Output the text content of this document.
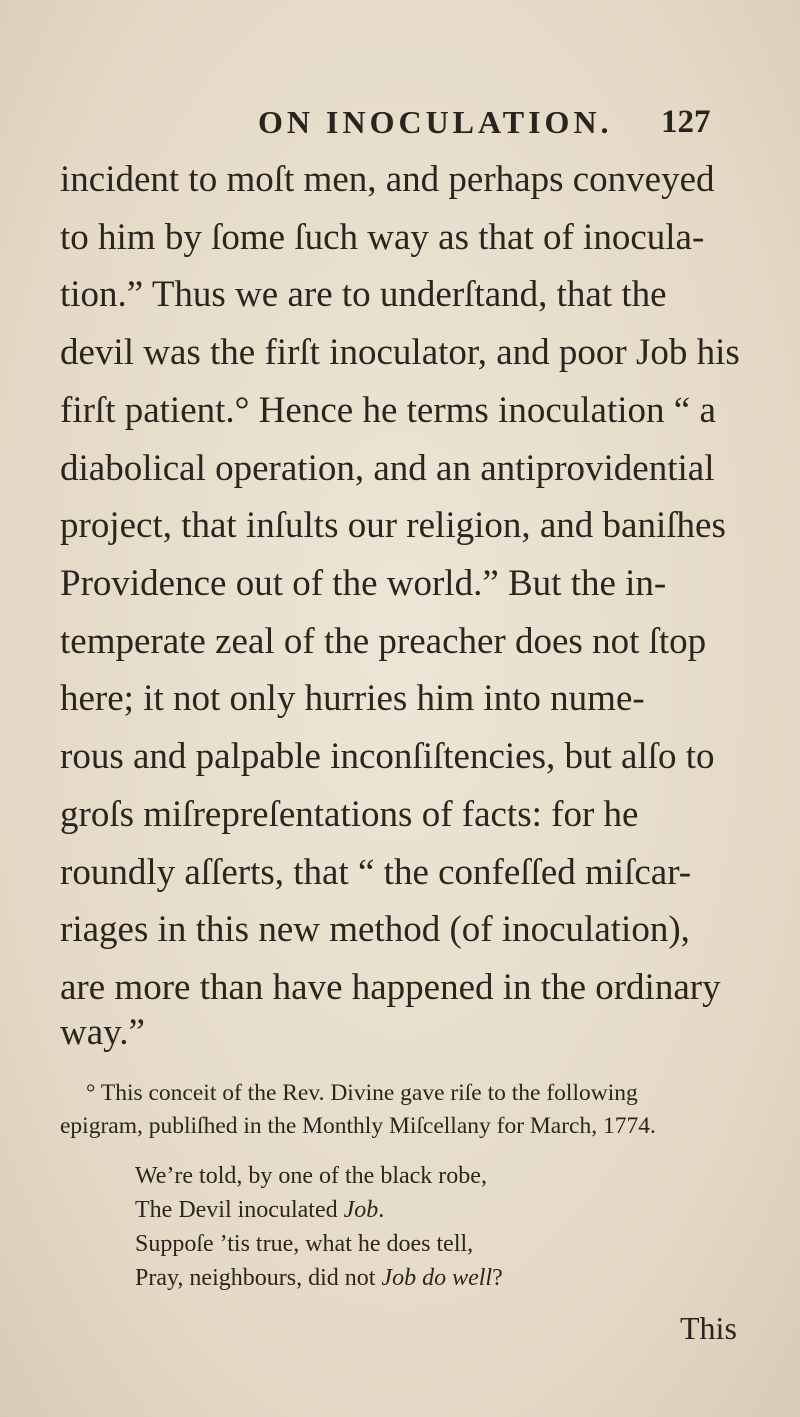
ON INOCULATION. 127
incident to moſt men, and perhaps conveyed
to him by ſome ſuch way as that of inocula-
tion.” Thus we are to underſtand, that the
devil was the firſt inoculator, and poor Job his
firſt patient.° Hence he terms inoculation “ a
diabolical operation, and an antiprovidential
project, that inſults our religion, and baniſhes
Providence out of the world.” But the in-
temperate zeal of the preacher does not ſtop
here; it not only hurries him into nume-
rous and palpable inconſiſtencies, but alſo to
groſs miſrepreſentations of facts: for he
roundly aſſerts, that “ the confeſſed miſcar-
riages in this new method (of inoculation),
are more than have happened in the ordinary
way.”
This
° This conceit of the Rev. Divine gave riſe to the following
epigram, publiſhed in the Monthly Miſcellany for March, 1774.
We’re told, by one of the black robe,
The Devil inoculated Job.
Suppoſe ’tis true, what he does tell,
Pray, neighbours, did not Job do well?
